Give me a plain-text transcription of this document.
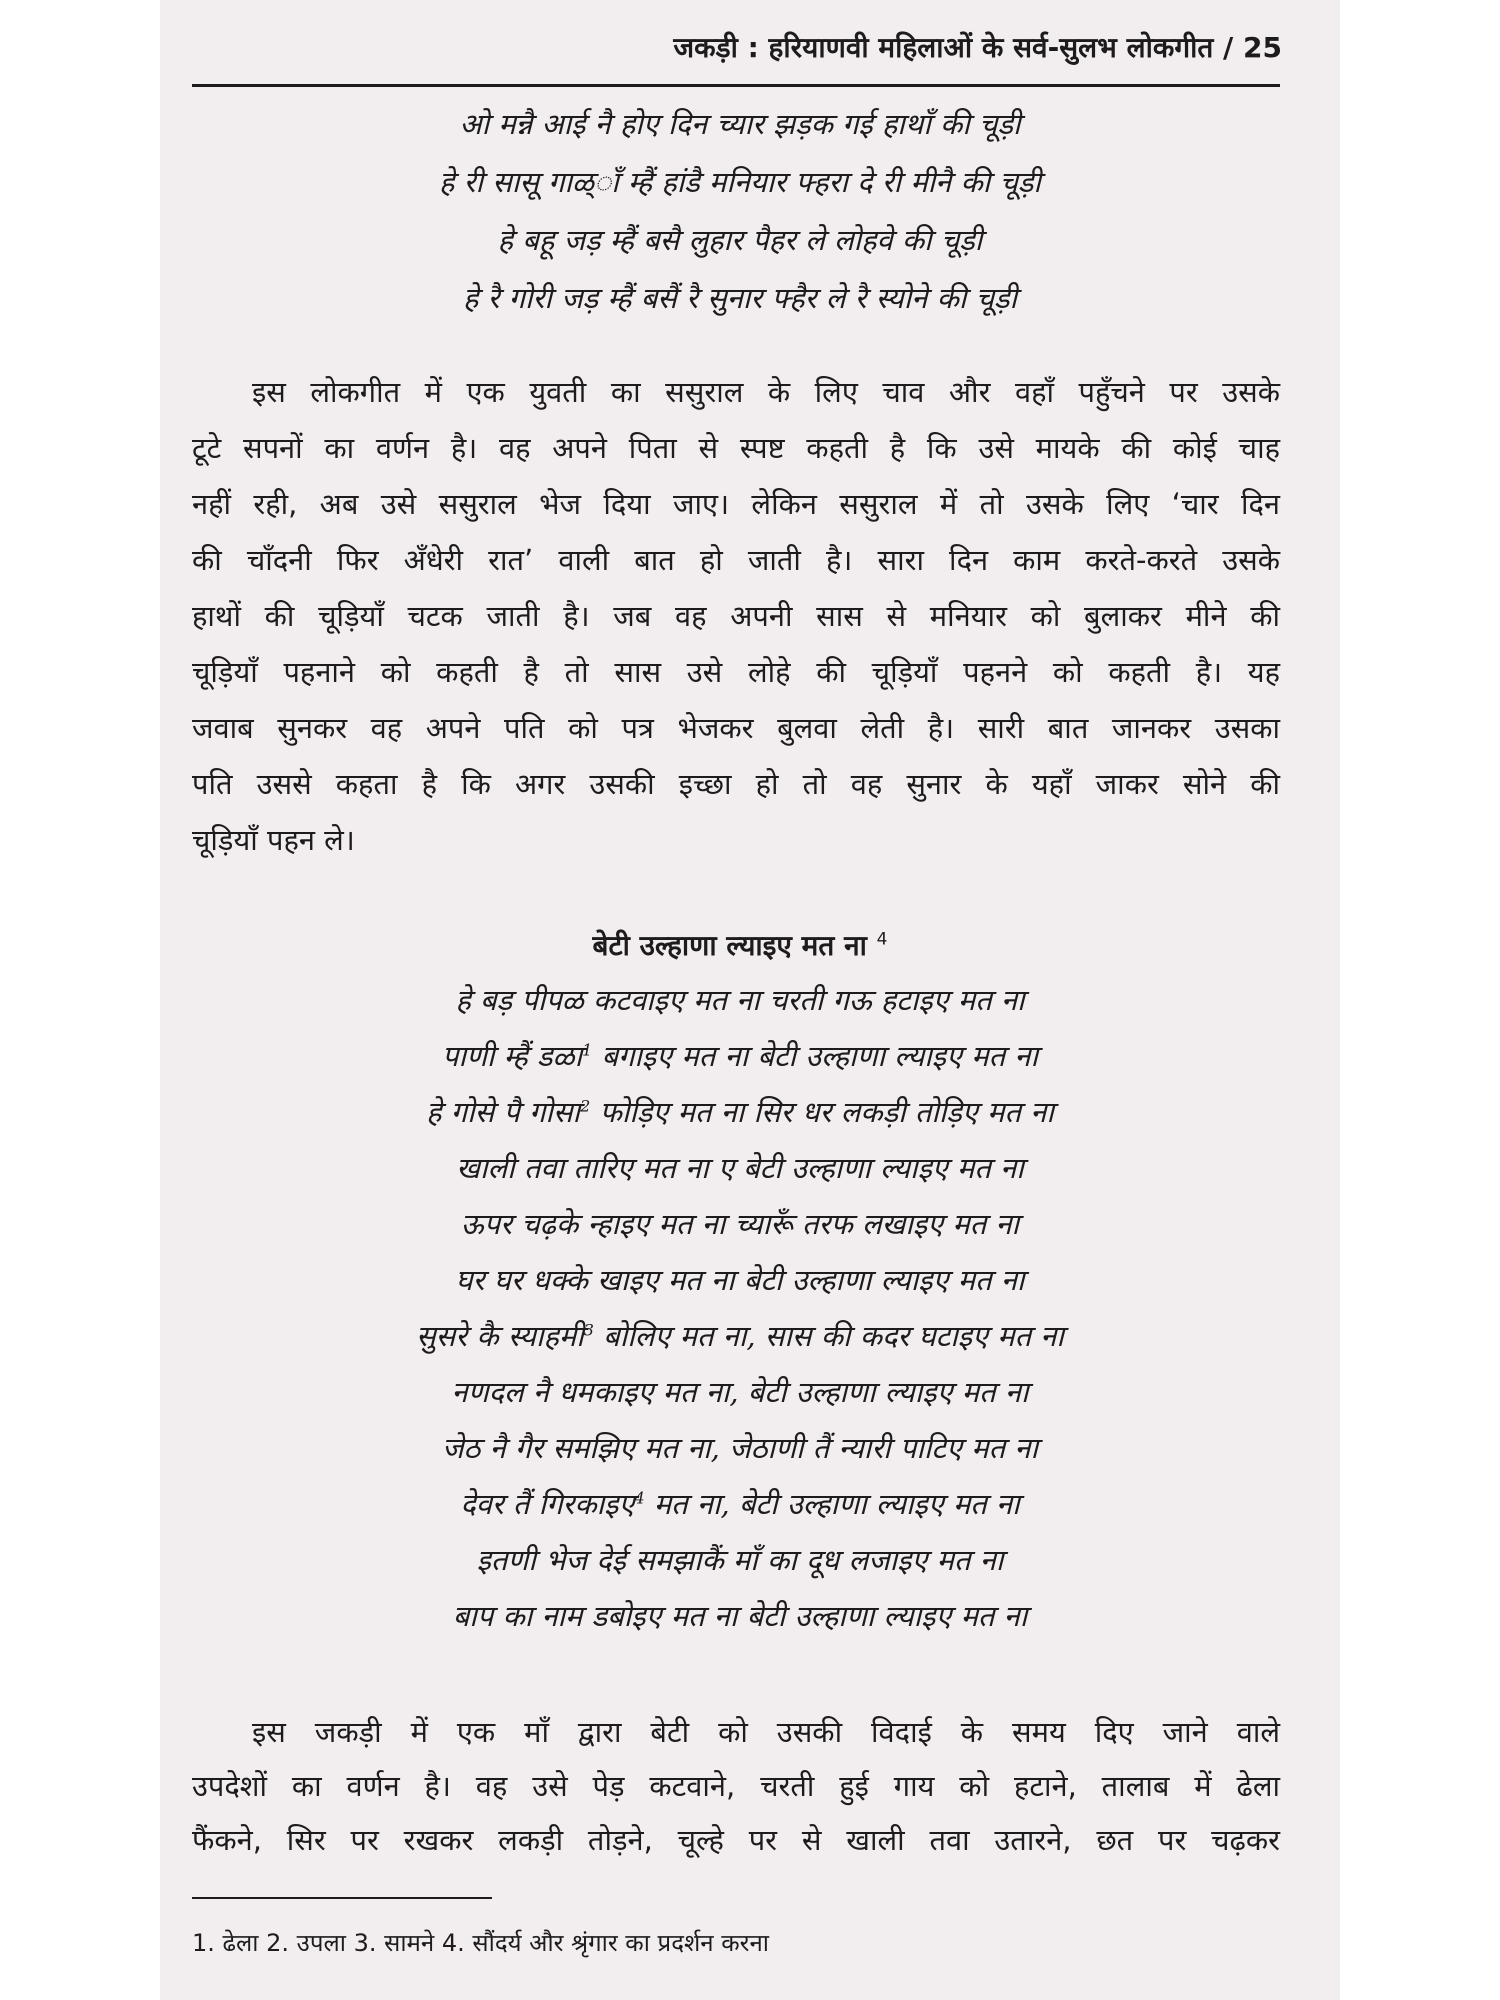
जकड़ी : हरियाणवी महिलाओं के सर्व-सुलभ लोकगीत / 25
ओ मन्नै आई नै होए दिन च्यार झड़क गई हाथाँ की चूड़ी
हे री सासू गाळ्ाँ म्हैं हांडै मनियार फ्हरा दे री मीनै की चूड़ी
हे बहू जड़ म्हैं बसै लुहार पैहर ले लोहवे की चूड़ी
हे रै गोरी जड़ म्हैं बसैं रै सुनार फ्हैर ले रै स्योने की चूड़ी

इस लोकगीत में एक युवती का ससुराल के लिए चाव और वहाँ पहुँचने पर उसके
टूटे सपनों का वर्णन है। वह अपने पिता से स्पष्ट कहती है कि उसे मायके की कोई चाह
नहीं रही, अब उसे ससुराल भेज दिया जाए। लेकिन ससुराल में तो उसके लिए ‘चार दिन
की चाँदनी फिर अँधेरी रात’ वाली बात हो जाती है। सारा दिन काम करते-करते उसके
हाथों की चूड़ियाँ चटक जाती है। जब वह अपनी सास से मनियार को बुलाकर मीने की
चूड़ियाँ पहनाने को कहती है तो सास उसे लोहे की चूड़ियाँ पहनने को कहती है। यह
जवाब सुनकर वह अपने पति को पत्र भेजकर बुलवा लेती है। सारी बात जानकर उसका
पति उससे कहता है कि अगर उसकी इच्छा हो तो वह सुनार के यहाँ जाकर सोने की
चूड़ियाँ पहन ले।

बेटी उल्हाणा ल्याइए मत ना $^4$
हे बड़ पीपळ कटवाइए मत ना चरती गऊ हटाइए मत ना
पाणी म्हैं डळा$^1$ बगाइए मत ना बेटी उल्हाणा ल्याइए मत ना
हे गोसे पै गोसा$^2$ फोड़िए मत ना सिर धर लकड़ी तोड़िए मत ना
खाली तवा तारिए मत ना ए बेटी उल्हाणा ल्याइए मत ना
ऊपर चढ़के न्हाइए मत ना च्यारूँ तरफ लखाइए मत ना
घर घर धक्के खाइए मत ना बेटी उल्हाणा ल्याइए मत ना
सुसरे कै स्याहमी$^3$ बोलिए मत ना, सास की कदर घटाइए मत ना
नणदल नै धमकाइए मत ना, बेटी उल्हाणा ल्याइए मत ना
जेठ नै गैर समझिए मत ना, जेठाणी तैं न्यारी पाटिए मत ना
देवर तैं गिरकाइए$^4$ मत ना, बेटी उल्हाणा ल्याइए मत ना
इतणी भेज देई समझाकैं माँ का दूध लजाइए मत ना
बाप का नाम डबोइए मत ना बेटी उल्हाणा ल्याइए मत ना

इस जकड़ी में एक माँ द्वारा बेटी को उसकी विदाई के समय दिए जाने वाले
उपदेशों का वर्णन है। वह उसे पेड़ कटवाने, चरती हुई गाय को हटाने, तालाब में ढेला
फैंकने, सिर पर रखकर लकड़ी तोड़ने, चूल्हे पर से खाली तवा उतारने, छत पर चढ़कर

1. ढेला 2. उपला 3. सामने 4. सौंदर्य और श्रृंगार का प्रदर्शन करना
